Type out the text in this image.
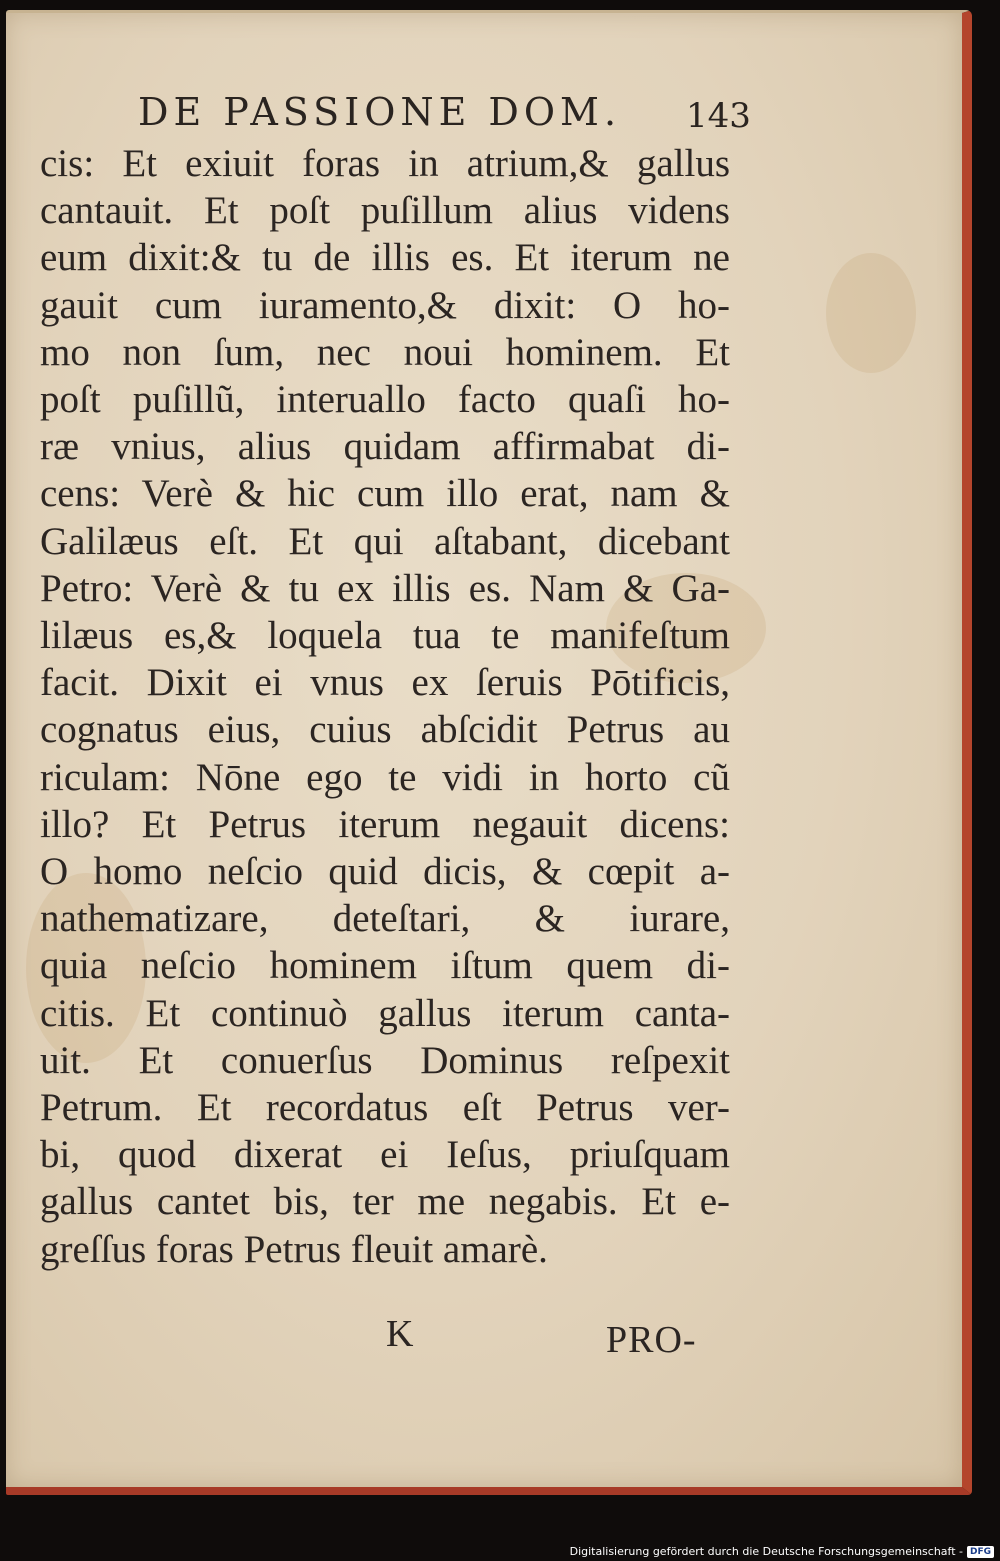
DE PASSIONE DOM. 143
cis: Et exiuit foras in atrium,& gallus
cantauit. Et poſt puſillum alius videns
eum dixit:& tu de illis es. Et iterum ne
gauit cum iuramento,& dixit: O ho-
mo non ſum, nec noui hominem. Et
poſt puſillũ, interuallo facto quaſi ho-
ræ vnius, alius quidam affirmabat di-
cens: Verè & hic cum illo erat, nam &
Galilæus eſt. Et qui aſtabant, dicebant
Petro: Verè & tu ex illis es. Nam & Ga-
lilæus es,& loquela tua te manifeſtum
facit. Dixit ei vnus ex ſeruis Pōtificis,
cognatus eius, cuius abſcidit Petrus au
riculam: Nōne ego te vidi in horto cũ
illo? Et Petrus iterum negauit dicens:
O homo neſcio quid dicis, & cœpit a-
nathematizare, deteſtari, & iurare,
quia neſcio hominem iſtum quem di-
citis. Et continuò gallus iterum canta-
uit. Et conuerſus Dominus reſpexit
Petrum. Et recordatus eſt Petrus ver-
bi, quod dixerat ei Ieſus, priuſquam
gallus cantet bis, ter me negabis. Et e-
greſſus foras Petrus fleuit amarè.
K	PRO-
Digitalisierung gefördert durch die Deutsche Forschungsgemeinschaft - DFG
